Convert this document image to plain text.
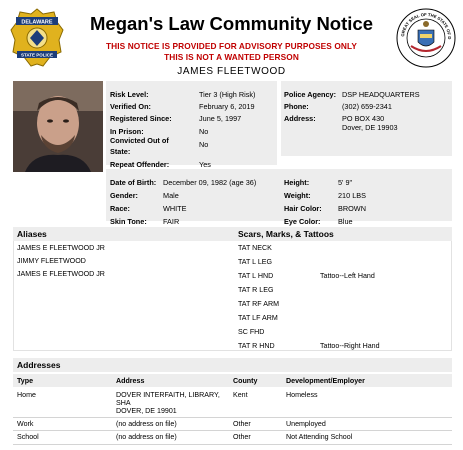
DELAWARE
STATE POLICE
GREAT SEAL OF THE STATE OF D
Megan's Law Community Notice
THIS NOTICE IS PROVIDED FOR ADVISORY PURPOSES ONLY
THIS IS NOT A WANTED PERSON
JAMES FLEETWOOD
Risk Level:	Tier 3 (High Risk)
Verified On:	February 6, 2019
Registered Since:	June 5, 1997
In Prison:	No
Convicted Out of State:
No
Repeat Offender:	Yes
Police Agency: DSP HEADQUARTERS
Phone:	(302) 659-2341
Address:	PO BOX 430
Dover, DE 19903
Date of Birth: December 09, 1982 (age 36)
Gender:	Male
Race:	WHITE
Skin Tone: FAIR
Height:	5' 9"
Weight:	210 LBS
Hair Color: BROWN
Eye Color: Blue
Aliases	Scars, Marks, & Tattoos
JAMES E FLEETWOOD JR
JIMMY FLEETWOOD
JAMES E FLEETWOOD JR
TAT NECK
TAT L LEG
TAT L HND	Tattoo--Left Hand
TAT R LEG
TAT RF ARM
TAT LF ARM
SC FHD
TAT R HND	Tattoo--Right Hand
Addresses
Type	Address	County	Development/Employer
Home	DOVER INTERFAITH, LIBRARY,
SHA
DOVER, DE 19901
Kent	Homeless
Work	(no address on file)	Other	Unemployed
School	(no address on file)	Other	Not Attending School
